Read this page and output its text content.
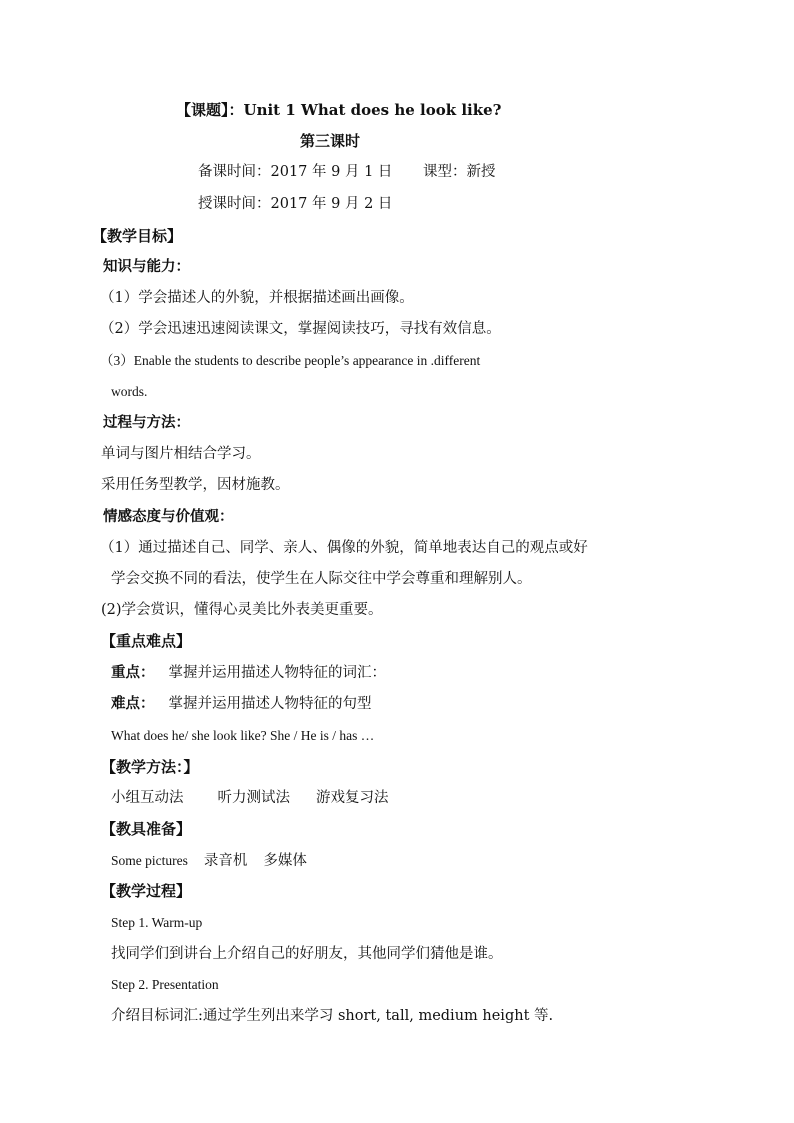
【课题】：Unit 1 What does he look like?
第三课时
备课时间：2017 年 9 月 1 日 课型：新授
授课时间：2017 年 9 月 2 日
【教学目标】
知识与能力：
（1）学会描述人的外貌，并根据描述画出画像。
（2）学会迅速迅速阅读课文，掌握阅读技巧，寻找有效信息。
（3）Enable the students to describe people’s appearance in .different
words.
过程与方法：
单词与图片相结合学习。
采用任务型教学，因材施教。
情感态度与价值观：
（1）通过描述自己、同学、亲人、偶像的外貌，简单地表达自己的观点或好
学会交换不同的看法，使学生在人际交往中学会尊重和理解别人。
(2)学会赏识，懂得心灵美比外表美更重要。
【重点难点】
重点： 掌握并运用描述人物特征的词汇：
难点： 掌握并运用描述人物特征的句型
What does he/ she look like? She / He is / has …
【教学方法：】
小组互动法 听力测试法 游戏复习法
【教具准备】
Some pictures 录音机 多媒体
【教学过程】
Step 1. Warm-up
找同学们到讲台上介绍自己的好朋友，其他同学们猜他是谁。
Step 2. Presentation
介绍目标词汇:通过学生列出来学习 short, tall, medium height 等.
